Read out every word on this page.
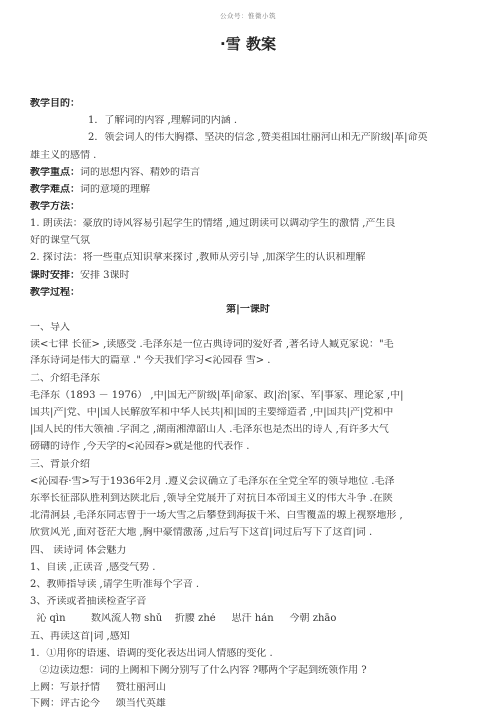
公众号：惟微小筑
·雪 教案
教学目的：
1．了解词的内容 ,理解词的内涵 .
2．领会词人的伟大胸襟、坚决的信念 ,赞美祖国壮丽河山和无产阶级|革|命英
雄主义的感情 .
教学重点：词的思想内容、精妙的语言
教学难点：词的意境的理解
教学方法：
1. 朗读法：豪放的诗风容易引起学生的情绪 ,通过朗读可以调动学生的激情 ,产生良
好的课堂气氛
2. 探讨法：将一些重点知识拿来探讨 ,教师从旁引导 ,加深学生的认识和理解
课时安排：安排 3课时
教学过程：
第|一课时
一、导入
读<七律 长征> ,读感受 .毛泽东是一位古典诗词的爱好者 ,著名诗人臧克家说："毛
泽东诗词是伟大的篇章 ." 今天我们学习<沁园春 雪> .
二、介绍毛泽东
毛泽东（1893 － 1976） ,中|国无产阶级|革|命家、政|治|家、军|事家、理论家 ,中|
国共|产|党、中|国人民解放军和中华人民共|和|国的主要缔造者 ,中|国共|产|党和中
|国人民的伟大领袖 .字润之 ,湖南湘潭韶山人 .毛泽东也是杰出的诗人 ,有许多大气
磅礴的诗作 ,今天学的<沁园春>就是他的代表作 .
三、背景介绍
<沁园春·雪>写于1936年2月 .遵义会议确立了毛泽东在全党全军的领导地位 .毛泽
东率长征部队胜利到达陕北后 ,领导全党展开了对抗日本帝国主义的伟大斗争 .在陕
北清涧县 ,毛泽东同志曾于一场大雪之后攀登到海拔千米、白雪覆盖的塬上视察地形 ,
欣赏风光 ,面对苍茫大地 ,胸中豪情激荡 ,过后写下这首|词过后写下了这首|词 .
四、 读诗词 体会魅力
1、自读 ,正读音 ,感受气势 .
2、教师指导读 ,请学生听准每个字音 .
3、齐读或者抽读检查字音
沁 qìn        数风流人物 shǔ    折腰 zhé     思汗 hán     今朝 zhāo
五、再读这首|词 ,感知
1．①用你的语速、语调的变化表达出词人情感的变化 .
②边读边想：词的上阙和下阙分别写了什么内容 ?哪两个字起到统领作用 ?
上阙：写景抒情     赞壮丽河山
下阙：评古论今     颂当代英雄
